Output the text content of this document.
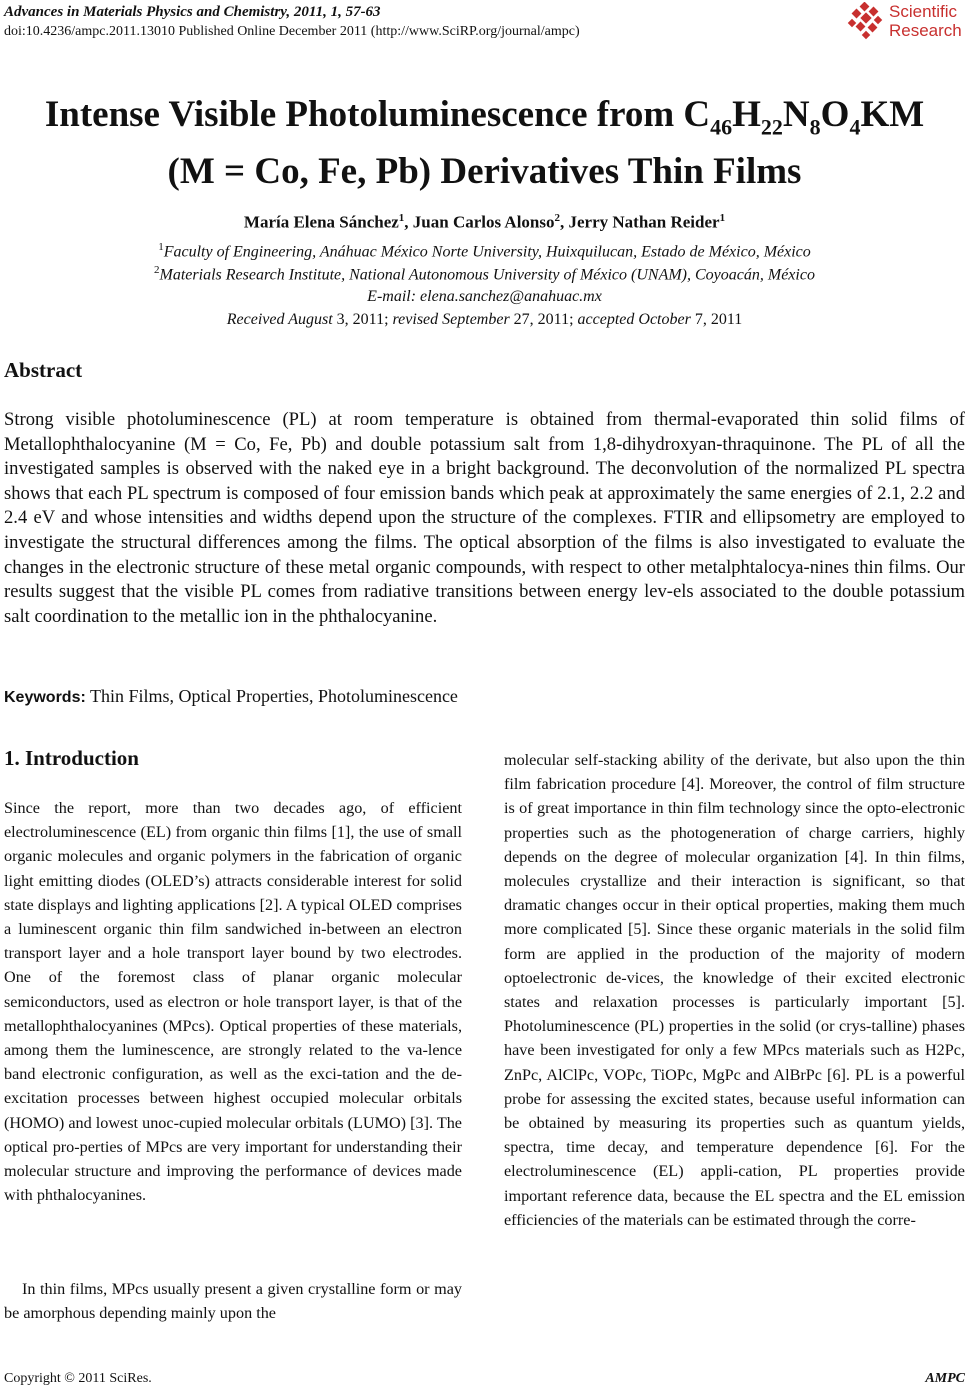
Advances in Materials Physics and Chemistry, 2011, 1, 57-63
doi:10.4236/ampc.2011.13010 Published Online December 2011 (http://www.SciRP.org/journal/ampc)
Scientific
Research
Intense Visible Photoluminescence from $C_{46}H_{22}N_8O_4KM$
(M = Co, Fe, Pb) Derivatives Thin Films
María Elena Sánchez$^1$, Juan Carlos Alonso$^2$, Jerry Nathan Reider$^1$
$^1$Faculty of Engineering, Anáhuac México Norte University, Huixquilucan, Estado de México, México
$^2$Materials Research Institute, National Autonomous University of México (UNAM), Coyoacán, México
E-mail: elena.sanchez@anahuac.mx
Received August 3, 2011; revised September 27, 2011; accepted October 7, 2011
Abstract

Strong visible photoluminescence (PL) at room temperature is obtained from thermal-evaporated thin solid films of Metallophthalocyanine (M = Co, Fe, Pb) and double potassium salt from 1,8-dihydroxyan-thraquinone. The PL of all the investigated samples is observed with the naked eye in a bright background. The deconvolution of the normalized PL spectra shows that each PL spectrum is composed of four emission bands which peak at approximately the same energies of 2.1, 2.2 and 2.4 eV and whose intensities and widths depend upon the structure of the complexes. FTIR and ellipsometry are employed to investigate the structural differences among the films. The optical absorption of the films is also investigated to evaluate the changes in the electronic structure of these metal organic compounds, with respect to other metalphtalocya-nines thin films. Our results suggest that the visible PL comes from radiative transitions between energy lev-els associated to the double potassium salt coordination to the metallic ion in the phthalocyanine.

Keywords: Thin Films, Optical Properties, Photoluminescence
1. Introduction

Since the report, more than two decades ago, of efficient electroluminescence (EL) from organic thin films [1], the use of small organic molecules and organic polymers in the fabrication of organic light emitting diodes (OLED’s) attracts considerable interest for solid state displays and lighting applications [2]. A typical OLED comprises a luminescent organic thin film sandwiched in-between an electron transport layer and a hole transport layer bound by two electrodes. One of the foremost class of planar organic molecular semiconductors, used as electron or hole transport layer, is that of the metallophthalocyanines (MPcs). Optical properties of these materials, among them the luminescence, are strongly related to the va-lence band electronic configuration, as well as the exci-tation and the de-excitation processes between highest occupied molecular orbitals (HOMO) and lowest unoc-cupied molecular orbitals (LUMO) [3]. The optical pro-perties of MPcs are very important for understanding their molecular structure and improving the performance of devices made with phthalocyanines.

In thin films, MPcs usually present a given crystalline form or may be amorphous depending mainly upon the

molecular self-stacking ability of the derivate, but also upon the thin film fabrication procedure [4]. Moreover, the control of film structure is of great importance in thin film technology since the opto-electronic properties such as the photogeneration of charge carriers, highly depends on the degree of molecular organization [4]. In thin films, molecules crystallize and their interaction is significant, so that dramatic changes occur in their optical properties, making them much more complicated [5]. Since these organic materials in the solid film form are applied in the production of the majority of modern optoelectronic de-vices, the knowledge of their excited electronic states and relaxation processes is particularly important [5]. Photoluminescence (PL) properties in the solid (or crys-talline) phases have been investigated for only a few MPcs materials such as H2Pc, ZnPc, AlClPc, VOPc, TiOPc, MgPc and AlBrPc [6]. PL is a powerful probe for assessing the excited states, because useful information can be obtained by measuring its properties such as quantum yields, spectra, time decay, and temperature dependence [6]. For the electroluminescence (EL) appli-cation, PL properties provide important reference data, because the EL spectra and the EL emission efficiencies of the materials can be estimated through the corre-

Copyright © 2011 SciRes.	AMPC
